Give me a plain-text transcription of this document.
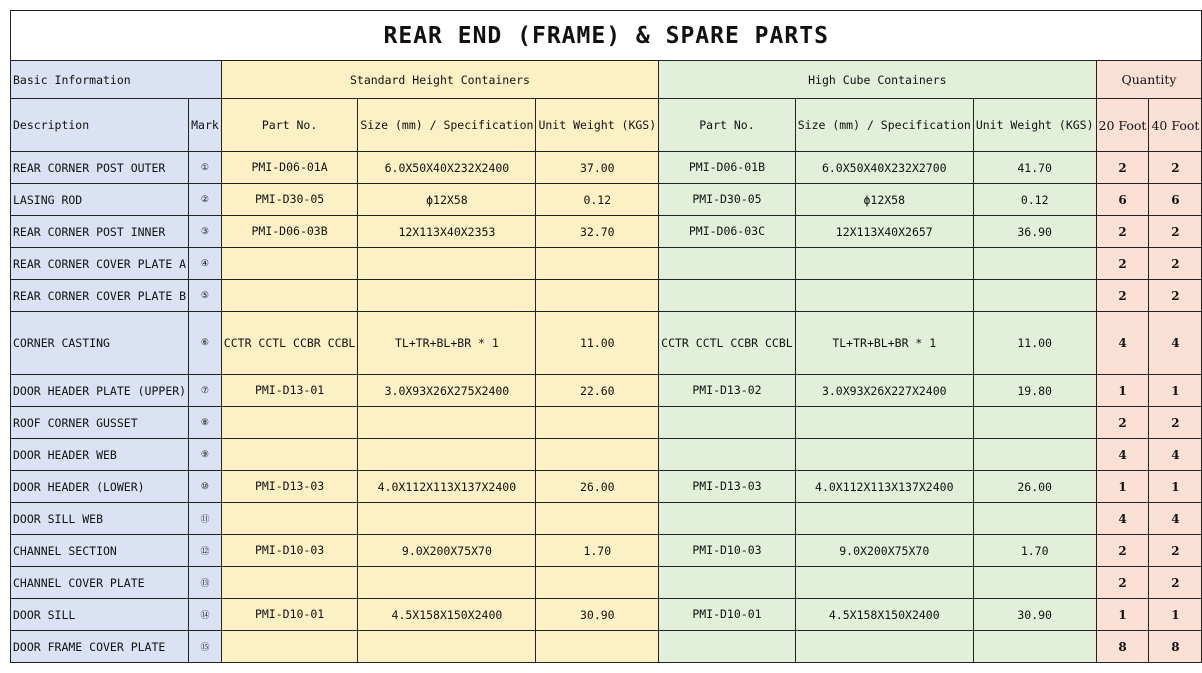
REAR END (FRAME) & SPARE PARTS									
Basic Information		Standard Height Containers			High Cube Containers			Quantity	
Description	Mark	Part No.	Size (mm) / Specification	Unit Weight (KGS)	Part No.	Size (mm) / Specification	Unit Weight (KGS)	20 Foot	40 Foot
REAR CORNER POST OUTER	①	PMI-D06-01A	6.0X50X40X232X2400	37.00	PMI-D06-01B	6.0X50X40X232X2700	41.70	2	2
LASING ROD	②	PMI-D30-05	ϕ12X58	0.12	PMI-D30-05	ϕ12X58	0.12	6	6
REAR CORNER POST INNER	③	PMI-D06-03B	12X113X40X2353	32.70	PMI-D06-03C	12X113X40X2657	36.90	2	2
REAR CORNER COVER PLATE A	④							2	2
REAR CORNER COVER PLATE B	⑤							2	2
CORNER CASTING	⑥	CCTR CCTL CCBR CCBL	TL+TR+BL+BR * 1	11.00	CCTR CCTL CCBR CCBL	TL+TR+BL+BR * 1	11.00	4	4
DOOR HEADER PLATE (UPPER)	⑦	PMI-D13-01	3.0X93X26X275X2400	22.60	PMI-D13-02	3.0X93X26X227X2400	19.80	1	1
ROOF CORNER GUSSET	⑧							2	2
DOOR HEADER WEB	⑨							4	4
DOOR HEADER (LOWER)	⑩	PMI-D13-03	4.0X112X113X137X2400	26.00	PMI-D13-03	4.0X112X113X137X2400	26.00	1	1
DOOR SILL WEB	⑪							4	4
CHANNEL SECTION	⑫	PMI-D10-03	9.0X200X75X70	1.70	PMI-D10-03	9.0X200X75X70	1.70	2	2
CHANNEL COVER PLATE	⑬							2	2
DOOR SILL	⑭	PMI-D10-01	4.5X158X150X2400	30.90	PMI-D10-01	4.5X158X150X2400	30.90	1	1
DOOR FRAME COVER PLATE	⑮							8	8
